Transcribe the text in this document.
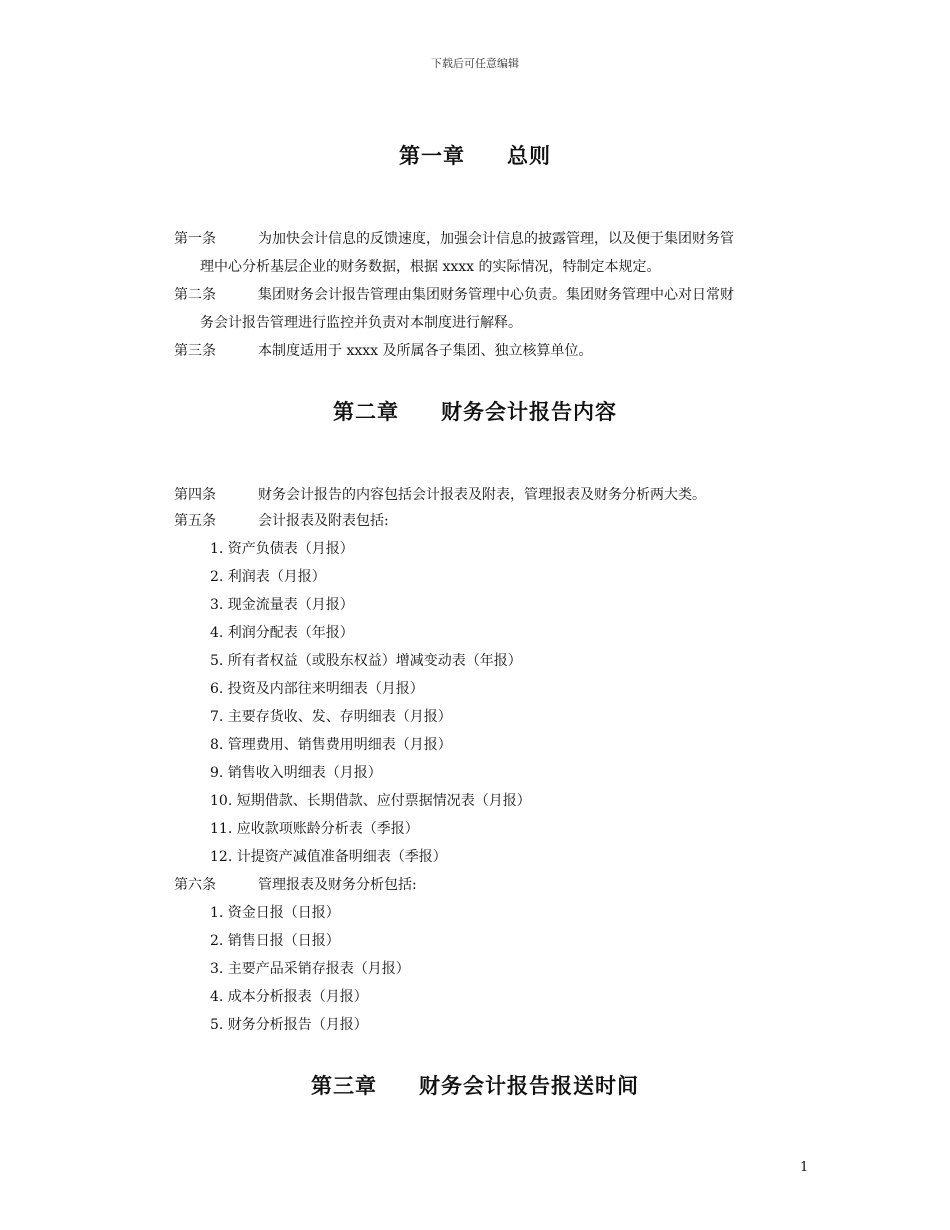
下载后可任意编辑
第一章 总则
第一条	为加快会计信息的反馈速度，加强会计信息的披露管理，以及便于集团财务管
理中心分析基层企业的财务数据，根据 xxxx 的实际情况，特制定本规定。
第二条	集团财务会计报告管理由集团财务管理中心负责。集团财务管理中心对日常财
务会计报告管理进行监控并负责对本制度进行解释。
第三条	本制度适用于 xxxx 及所属各子集团、独立核算单位。
第二章 财务会计报告内容
第四条	财务会计报告的内容包括会计报表及附表，管理报表及财务分析两大类。
第五条	会计报表及附表包括:
1. 资产负债表（月报）
2. 利润表（月报）
3. 现金流量表（月报）
4. 利润分配表（年报）
5. 所有者权益（或股东权益）增减变动表（年报）
6. 投资及内部往来明细表（月报）
7. 主要存货收、发、存明细表（月报）
8. 管理费用、销售费用明细表（月报）
9. 销售收入明细表（月报）
10. 短期借款、长期借款、应付票据情况表（月报）
11. 应收款项账龄分析表（季报）
12. 计提资产减值准备明细表（季报）
第六条	管理报表及财务分析包括:
1. 资金日报（日报）
2. 销售日报（日报）
3. 主要产品采销存报表（月报）
4. 成本分析报表（月报）
5. 财务分析报告（月报）
第三章 财务会计报告报送时间
1
